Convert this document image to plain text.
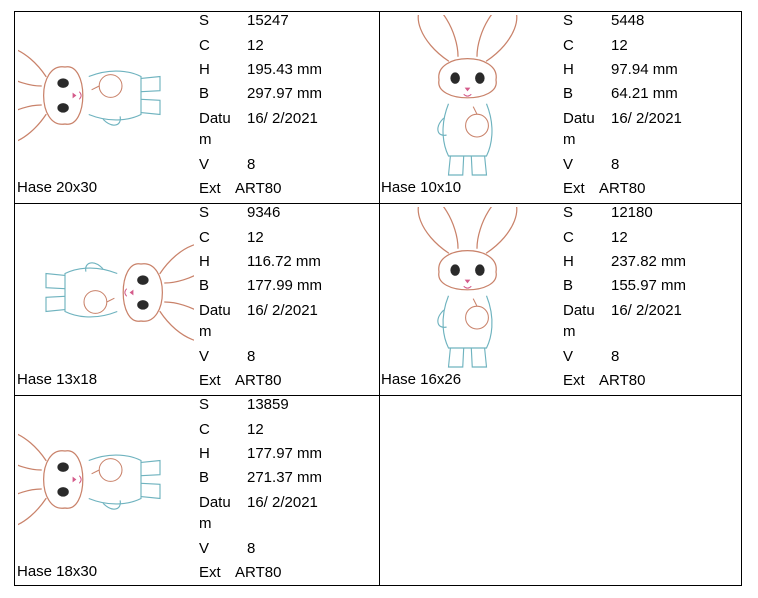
Hase 20x30
S	15247
C 12
H 195.43 mm
B	297.97 mm
Datum
16/ 2/2021
V	8
Ext ART80	Hase 10x10
S	5448
C 12
H 97.94 mm
B	64.21 mm
Datum
16/ 2/2021
V	8
Ext ART80
Hase 13x18
S	9346
C 12
H 116.72 mm
B	177.99 mm
Datum
16/ 2/2021
V	8
Ext ART80	Hase 16x26
S	12180
C 12
H 237.82 mm
B	155.97 mm
Datum
16/ 2/2021
V	8
Ext ART80
Hase 18x30
S	13859
C 12
H 177.97 mm
B	271.37 mm
Datum
16/ 2/2021
V	8
Ext ART80
